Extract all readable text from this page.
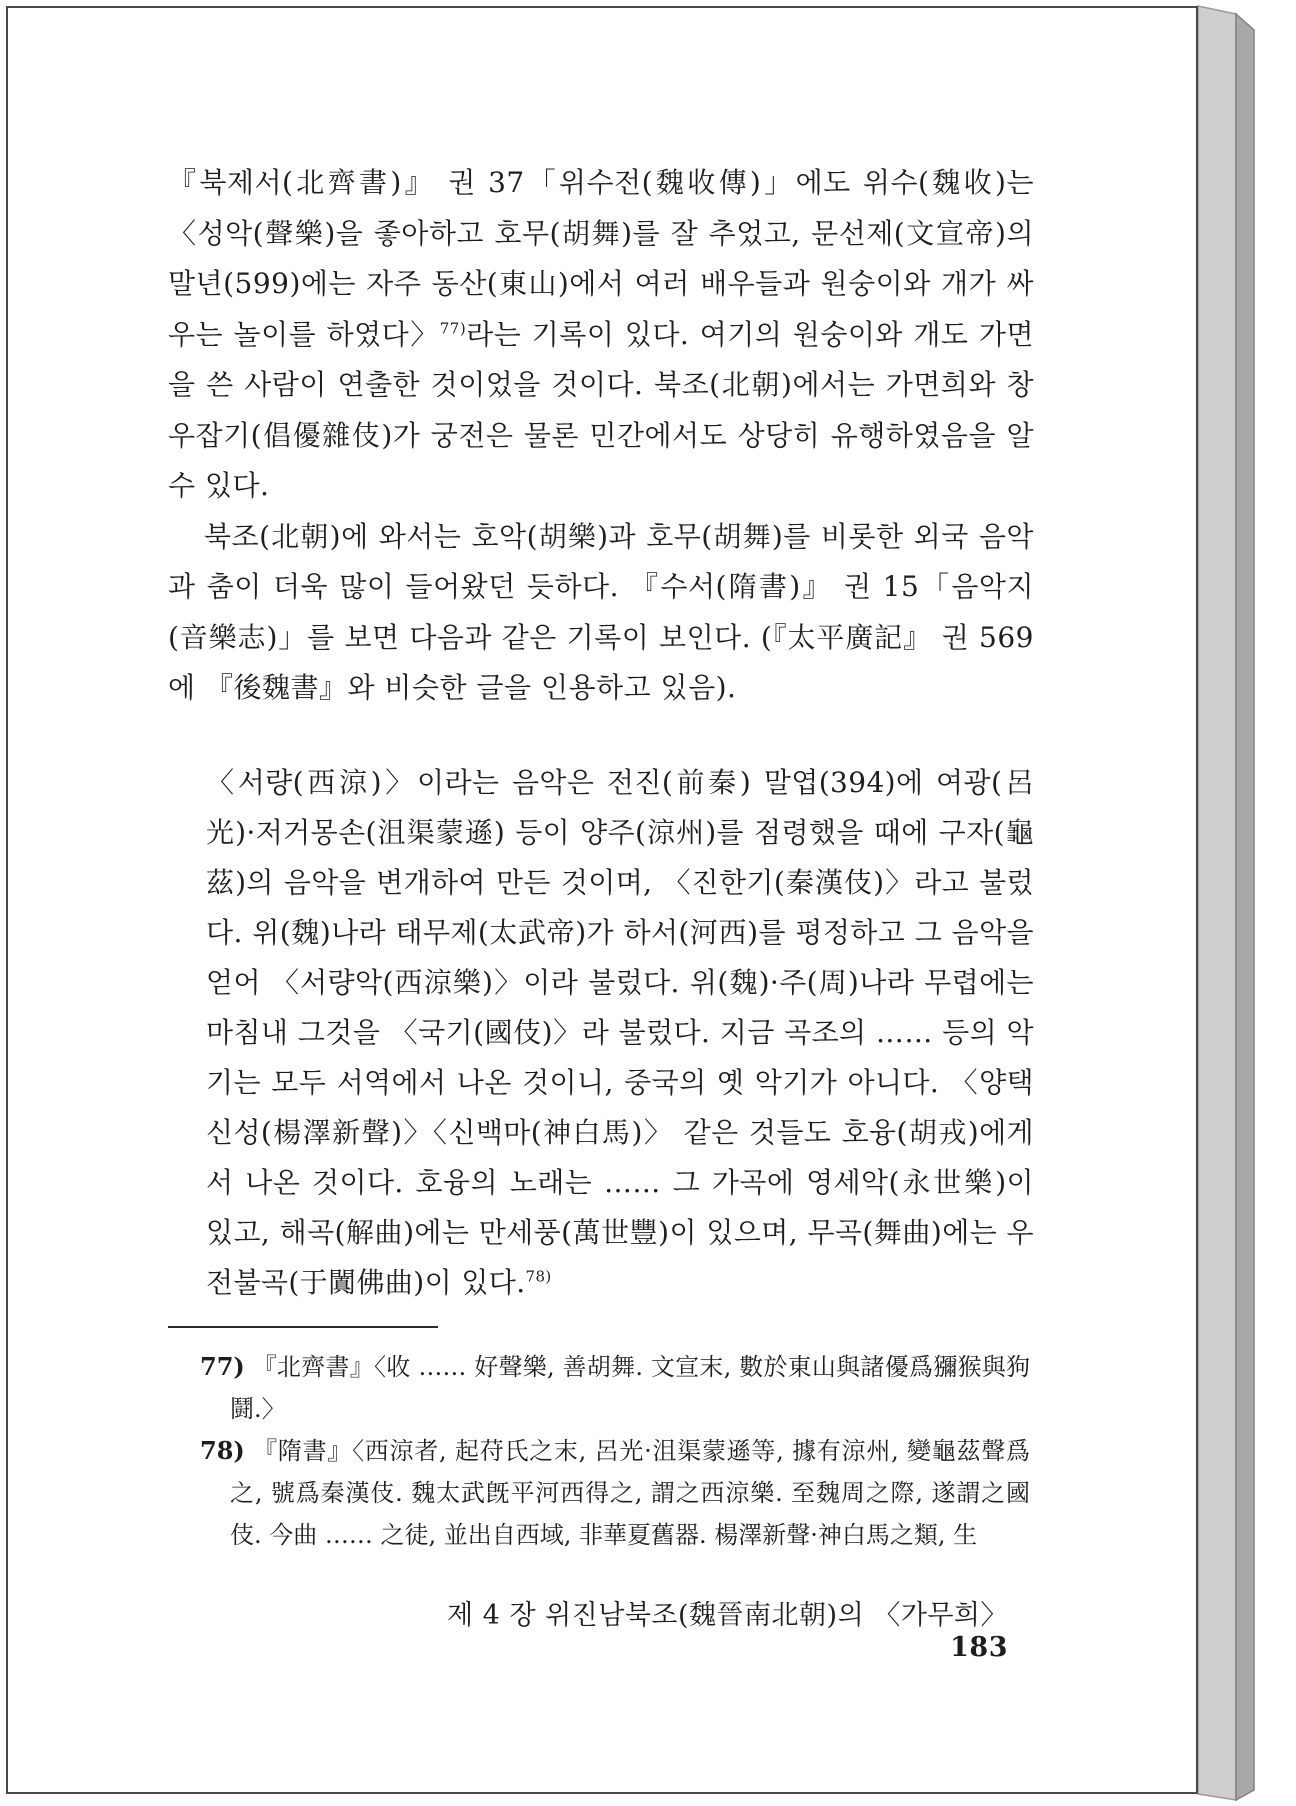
『북제서(北齊書)』 권 37「위수전(魏收傳)」에도 위수(魏收)는 〈성악(聲樂)을 좋아하고 호무(胡舞)를 잘 추었고, 문선제(文宣帝)의 말년(599)에는 자주 동산(東山)에서 여러 배우들과 원숭이와 개가 싸우는 놀이를 하였다〉$^{77)}$라는 기록이 있다. 여기의 원숭이와 개도 가면을 쓴 사람이 연출한 것이었을 것이다. 북조(北朝)에서는 가면희와 창우잡기(倡優雜伎)가 궁전은 물론 민간에서도 상당히 유행하였음을 알수 있다.

북조(北朝)에 와서는 호악(胡樂)과 호무(胡舞)를 비롯한 외국 음악과 춤이 더욱 많이 들어왔던 듯하다. 『수서(隋書)』 권 15「음악지(音樂志)」를 보면 다음과 같은 기록이 보인다. (『太平廣記』 권 569에 『後魏書』와 비슷한 글을 인용하고 있음).

〈서량(西涼)〉이라는 음악은 전진(前秦) 말엽(394)에 여광(呂光)·저거몽손(沮渠蒙遜) 등이 양주(涼州)를 점령했을 때에 구자(龜茲)의 음악을 변개하여 만든 것이며, 〈진한기(秦漢伎)〉라고 불렀다. 위(魏)나라 태무제(太武帝)가 하서(河西)를 평정하고 그 음악을 얻어 〈서량악(西涼樂)〉이라 불렀다. 위(魏)·주(周)나라 무렵에는 마침내 그것을 〈국기(國伎)〉라 불렀다. 지금 곡조의 …… 등의 악기는 모두 서역에서 나온 것이니, 중국의 옛 악기가 아니다. 〈양택신성(楊澤新聲)〉〈신백마(神白馬)〉 같은 것들도 호융(胡戎)에게서 나온 것이다. 호융의 노래는 …… 그 가곡에 영세악(永世樂)이 있고, 해곡(解曲)에는 만세풍(萬世豐)이 있으며, 무곡(舞曲)에는 우전불곡(于闐佛曲)이 있다.$^{78)}$

77) 『北齊書』〈收 …… 好聲樂, 善胡舞. 文宣末, 數於東山與諸優爲獼猴與狗鬪.〉

78) 『隋書』〈西涼者, 起苻氏之末, 呂光·沮渠蒙遜等, 據有涼州, 變龜茲聲爲之, 號爲秦漢伎. 魏太武旣平河西得之, 謂之西涼樂. 至魏周之際, 遂謂之國伎. 今曲 …… 之徒, 並出自西域, 非華夏舊器. 楊澤新聲·神白馬之類, 生

제 4 장 위진남북조(魏晉南北朝)의 〈가무희〉183
